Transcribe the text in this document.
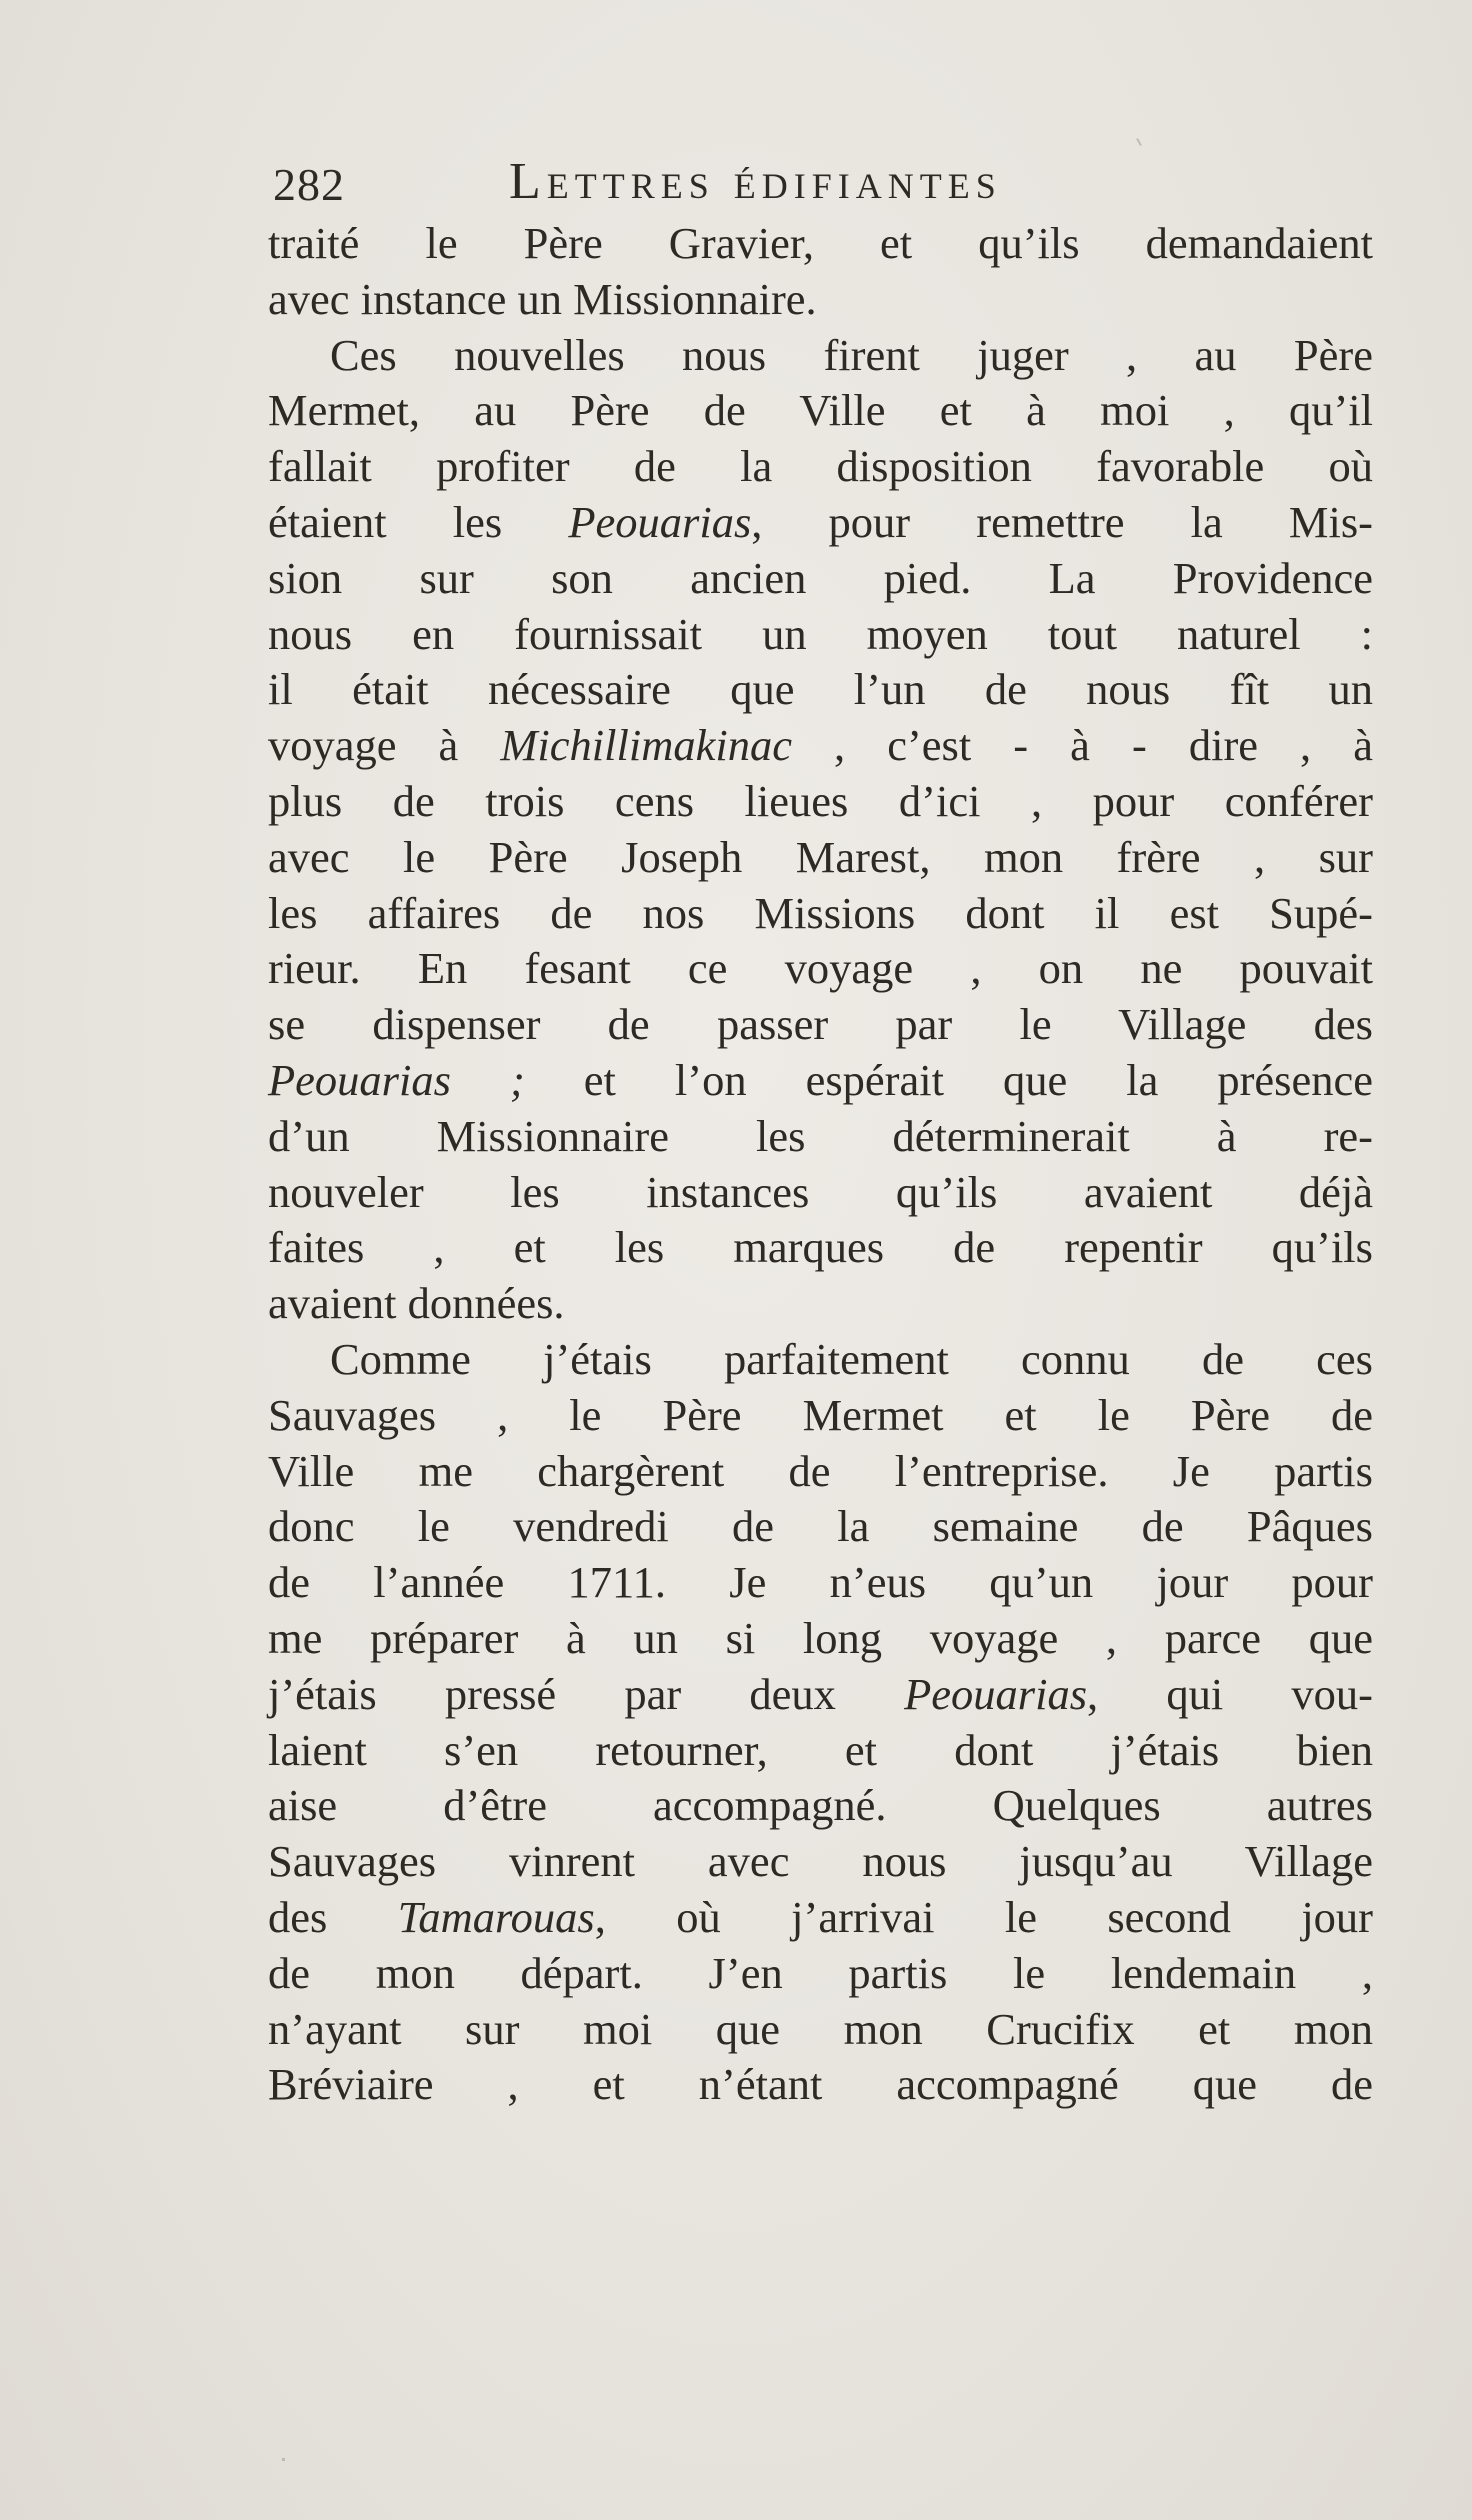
282	Lettres édifiantes
traité le Père Gravier, et qu’ils demandaient
avec instance un Missionnaire.
Ces nouvelles nous firent juger , au Père
Mermet, au Père de Ville et à moi , qu’il
fallait profiter de la disposition favorable où
étaient les Peouarias, pour remettre la Mis-
sion sur son ancien pied. La Providence
nous en fournissait un moyen tout naturel :
il était nécessaire que l’un de nous fît un
voyage à Michillimakinac , c’est - à - dire , à
plus de trois cens lieues d’ici , pour conférer
avec le Père Joseph Marest, mon frère , sur
les affaires de nos Missions dont il est Supé-
rieur. En fesant ce voyage , on ne pouvait
se dispenser de passer par le Village des
Peouarias ; et l’on espérait que la présence
d’un Missionnaire les déterminerait à re-
nouveler les instances qu’ils avaient déjà
faites , et les marques de repentir qu’ils
avaient données.
Comme j’étais parfaitement connu de ces
Sauvages , le Père Mermet et le Père de
Ville me chargèrent de l’entreprise. Je partis
donc le vendredi de la semaine de Pâques
de l’année 1711. Je n’eus qu’un jour pour
me préparer à un si long voyage , parce que
j’étais pressé par deux Peouarias, qui vou-
laient s’en retourner, et dont j’étais bien
aise d’être accompagné. Quelques autres
Sauvages vinrent avec nous jusqu’au Village
des Tamarouas, où j’arrivai le second jour
de mon départ. J’en partis le lendemain ,
n’ayant sur moi que mon Crucifix et mon
Bréviaire , et n’étant accompagné que de
